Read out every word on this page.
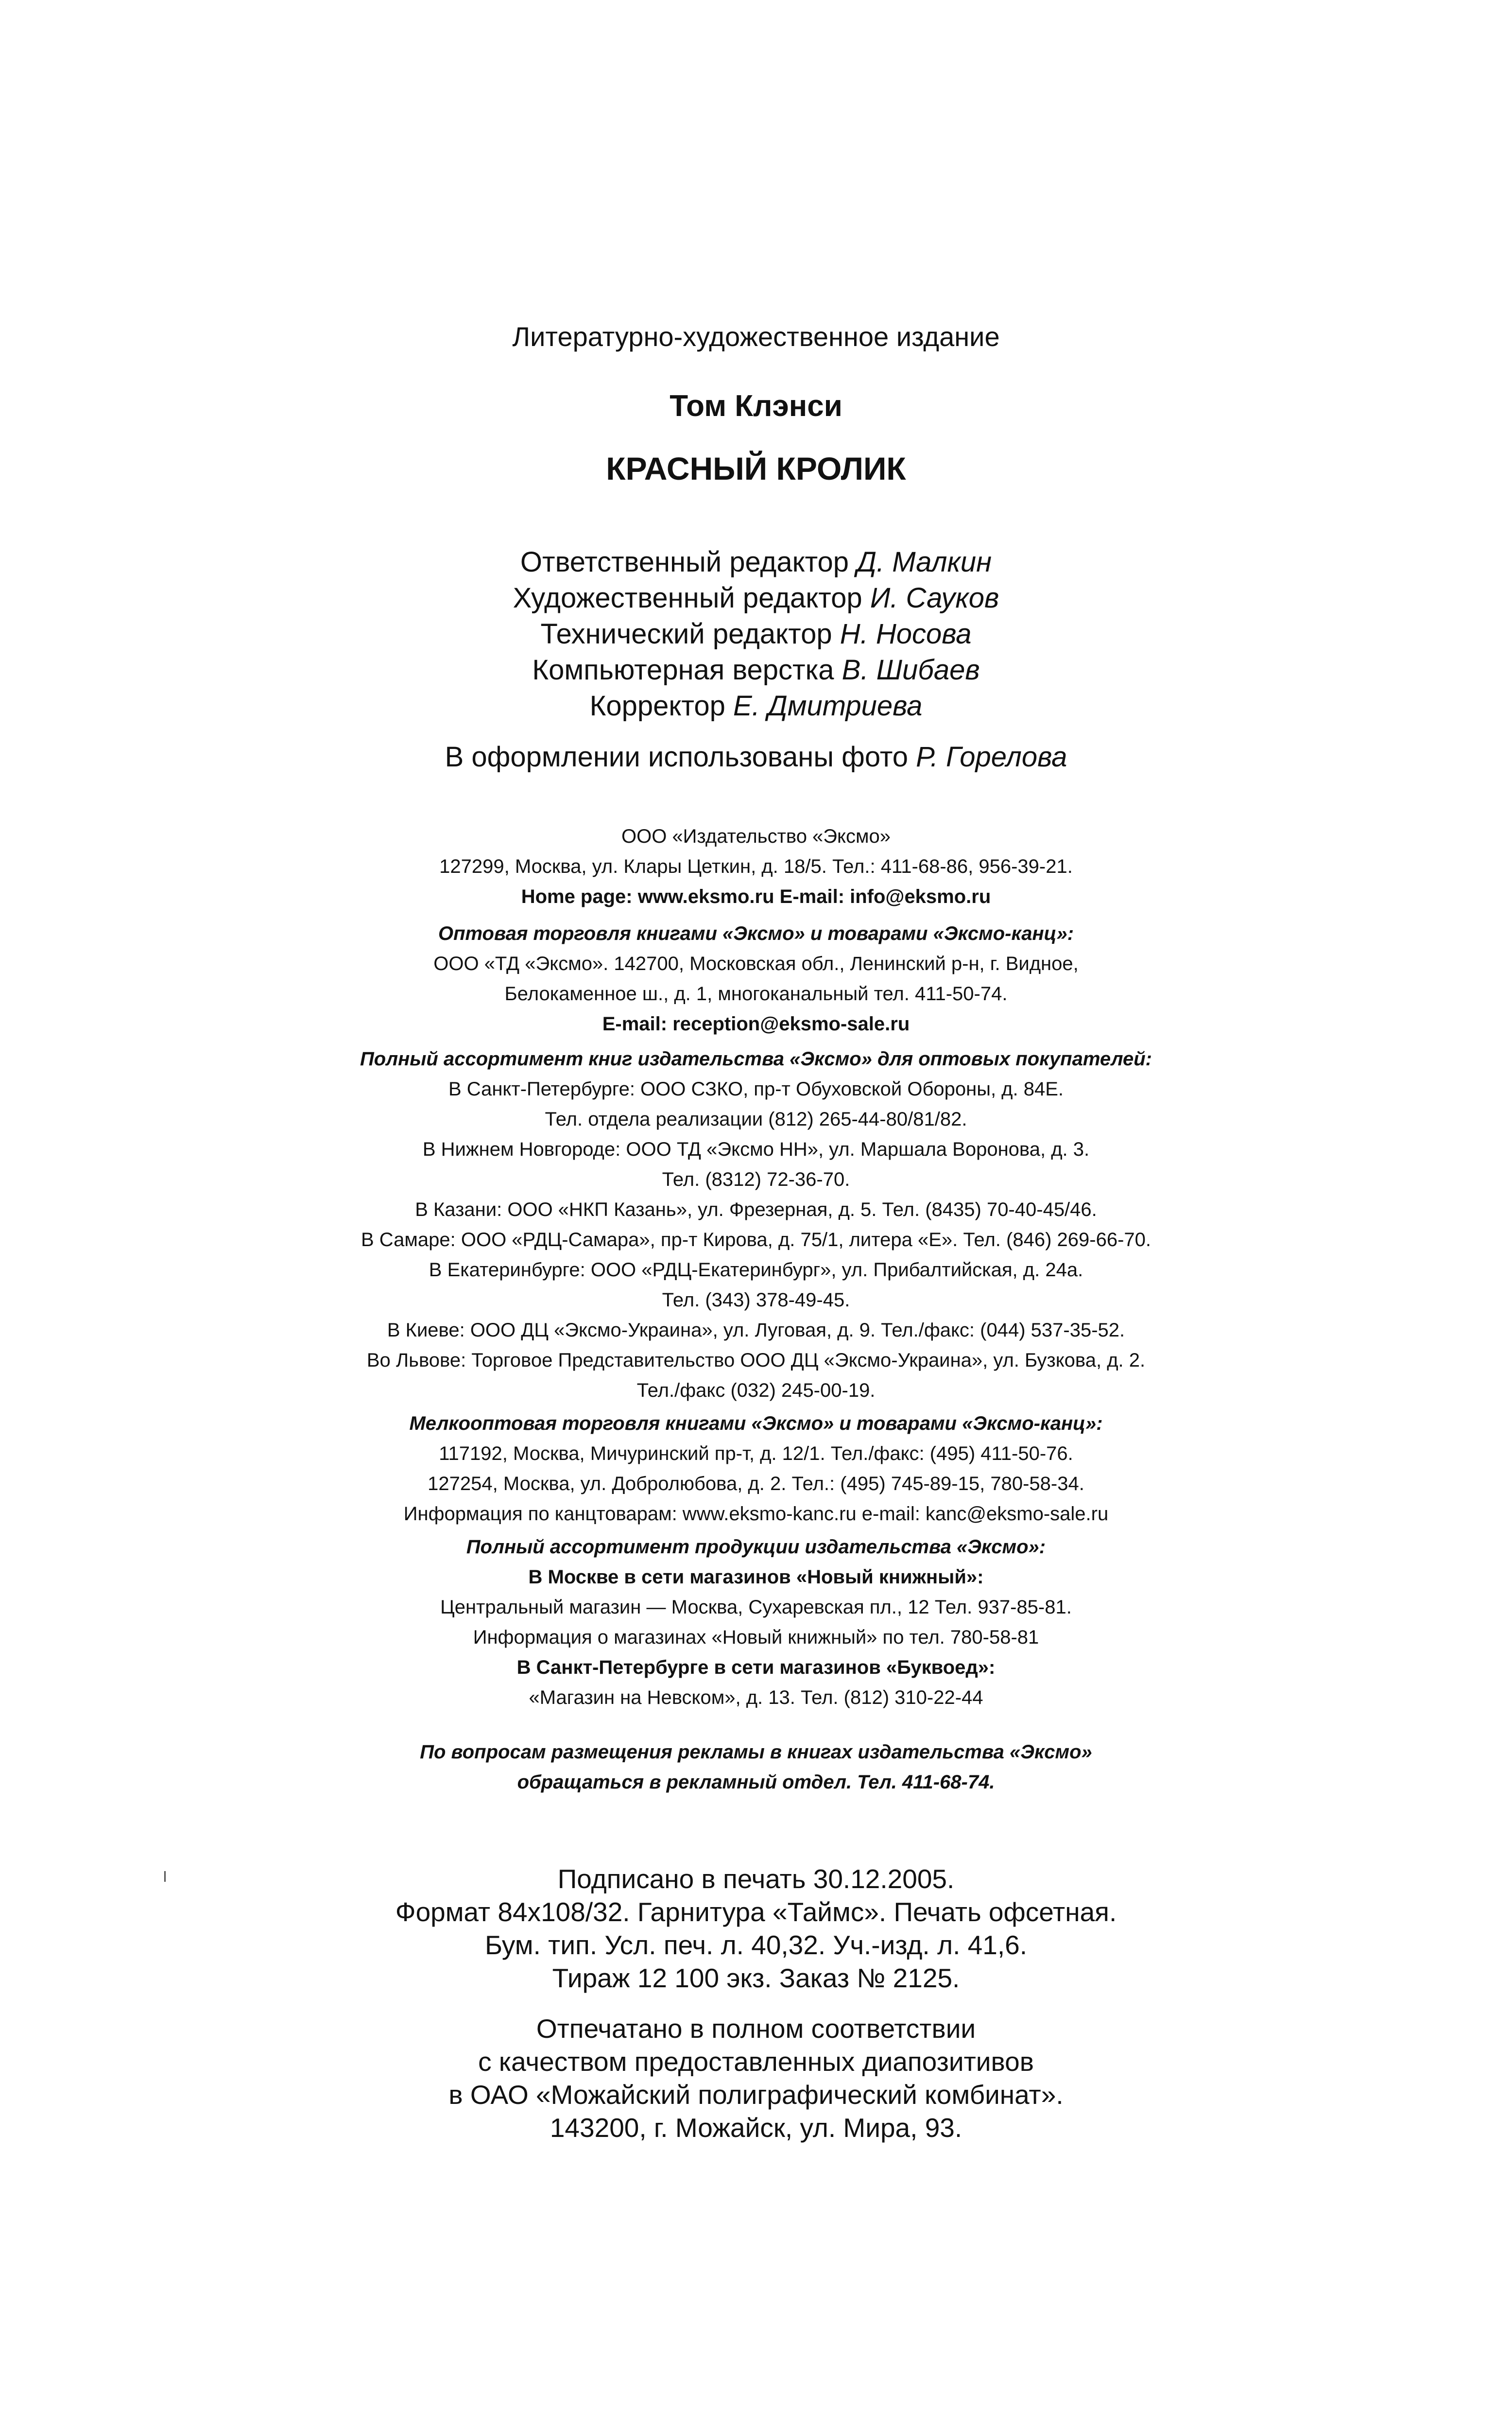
Литературно-художественное издание
Том Клэнси
КРАСНЫЙ КРОЛИК
Ответственный редактор Д. Малкин
Художественный редактор И. Сауков
Технический редактор Н. Носова
Компьютерная верстка В. Шибаев
Корректор Е. Дмитриева
В оформлении использованы фото Р. Горелова
ООО «Издательство «Эксмо»
127299, Москва, ул. Клары Цеткин, д. 18/5. Тел.: 411-68-86, 956-39-21.
Home page: www.eksmo.ru E-mail: info@eksmo.ru
Оптовая торговля книгами «Эксмо» и товарами «Эксмо-канц»:
ООО «ТД «Эксмо». 142700, Московская обл., Ленинский р-н, г. Видное,
Белокаменное ш., д. 1, многоканальный тел. 411-50-74.
E-mail: reception@eksmo-sale.ru
Полный ассортимент книг издательства «Эксмо» для оптовых покупателей:
В Санкт-Петербурге: ООО СЗКО, пр-т Обуховской Обороны, д. 84Е.
Тел. отдела реализации (812) 265-44-80/81/82.
В Нижнем Новгороде: ООО ТД «Эксмо НН», ул. Маршала Воронова, д. 3.
Тел. (8312) 72-36-70.
В Казани: ООО «НКП Казань», ул. Фрезерная, д. 5. Тел. (8435) 70-40-45/46.
В Самаре: ООО «РДЦ-Самара», пр-т Кирова, д. 75/1, литера «Е». Тел. (846) 269-66-70.
В Екатеринбурге: ООО «РДЦ-Екатеринбург», ул. Прибалтийская, д. 24а.
Тел. (343) 378-49-45.
В Киеве: ООО ДЦ «Эксмо-Украина», ул. Луговая, д. 9. Тел./факс: (044) 537-35-52.
Во Львове: Торговое Представительство ООО ДЦ «Эксмо-Украина», ул. Бузкова, д. 2.
Тел./факс (032) 245-00-19.
Мелкооптовая торговля книгами «Эксмо» и товарами «Эксмо-канц»:
117192, Москва, Мичуринский пр-т, д. 12/1. Тел./факс: (495) 411-50-76.
127254, Москва, ул. Добролюбова, д. 2. Тел.: (495) 745-89-15, 780-58-34.
Информация по канцтоварам: www.eksmo-kanc.ru e-mail: kanc@eksmo-sale.ru
Полный ассортимент продукции издательства «Эксмо»:
В Москве в сети магазинов «Новый книжный»:
Центральный магазин — Москва, Сухаревская пл., 12 Тел. 937-85-81.
Информация о магазинах «Новый книжный» по тел. 780-58-81
В Санкт-Петербурге в сети магазинов «Буквоед»:
«Магазин на Невском», д. 13. Тел. (812) 310-22-44
По вопросам размещения рекламы в книгах издательства «Эксмо»
обращаться в рекламный отдел. Тел. 411-68-74.
Подписано в печать 30.12.2005.
Формат 84x108/32. Гарнитура «Таймс». Печать офсетная.
Бум. тип. Усл. печ. л. 40,32. Уч.-изд. л. 41,6.
Тираж 12 100 экз. Заказ № 2125.
Отпечатано в полном соответствии
с качеством предоставленных диапозитивов
в ОАО «Можайский полиграфический комбинат».
143200, г. Можайск, ул. Мира, 93.
